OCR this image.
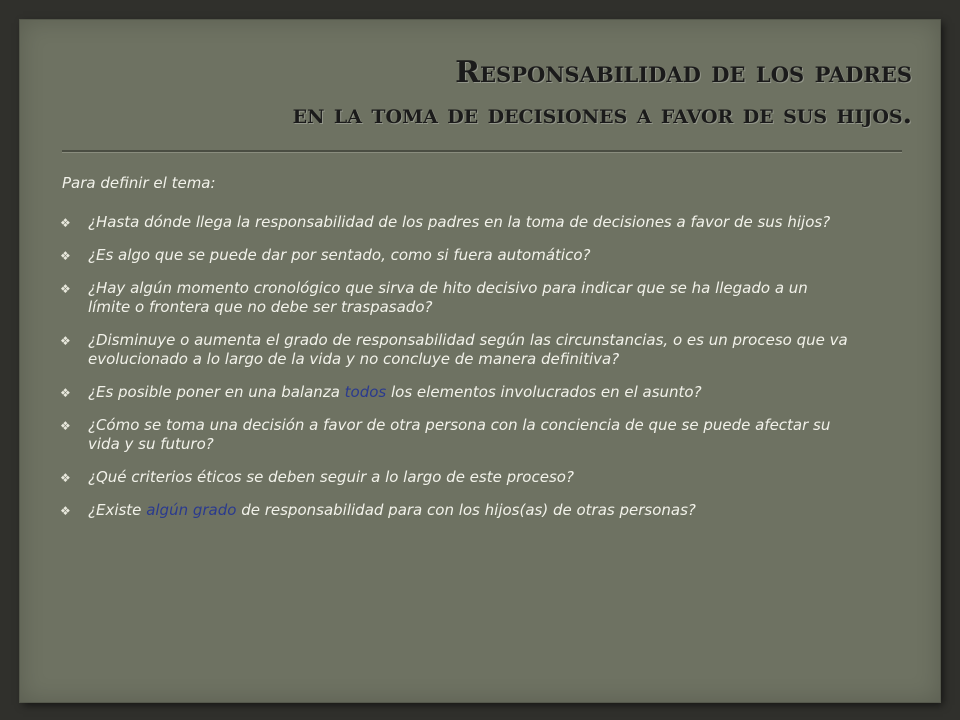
Responsabilidad de los padres
en la toma de decisiones a favor de sus hijos.

Para definir el tema:

❖ ¿Hasta dónde llega la responsabilidad de los padres en la toma de decisiones a favor de sus hijos?
❖ ¿Es algo que se puede dar por sentado, como si fuera automático?
❖ ¿Hay algún momento cronológico que sirva de hito decisivo para indicar que se ha llegado a un límite o frontera que no debe ser traspasado?
❖ ¿Disminuye o aumenta el grado de responsabilidad según las circunstancias, o es un proceso que va evolucionado a lo largo de la vida y no concluye de manera definitiva?
❖ ¿Es posible poner en una balanza todos los elementos involucrados en el asunto?
❖ ¿Cómo se toma una decisión a favor de otra persona con la conciencia de que se puede afectar su vida y su futuro?
❖ ¿Qué criterios éticos se deben seguir a lo largo de este proceso?
❖ ¿Existe algún grado de responsabilidad para con los hijos(as) de otras personas?
